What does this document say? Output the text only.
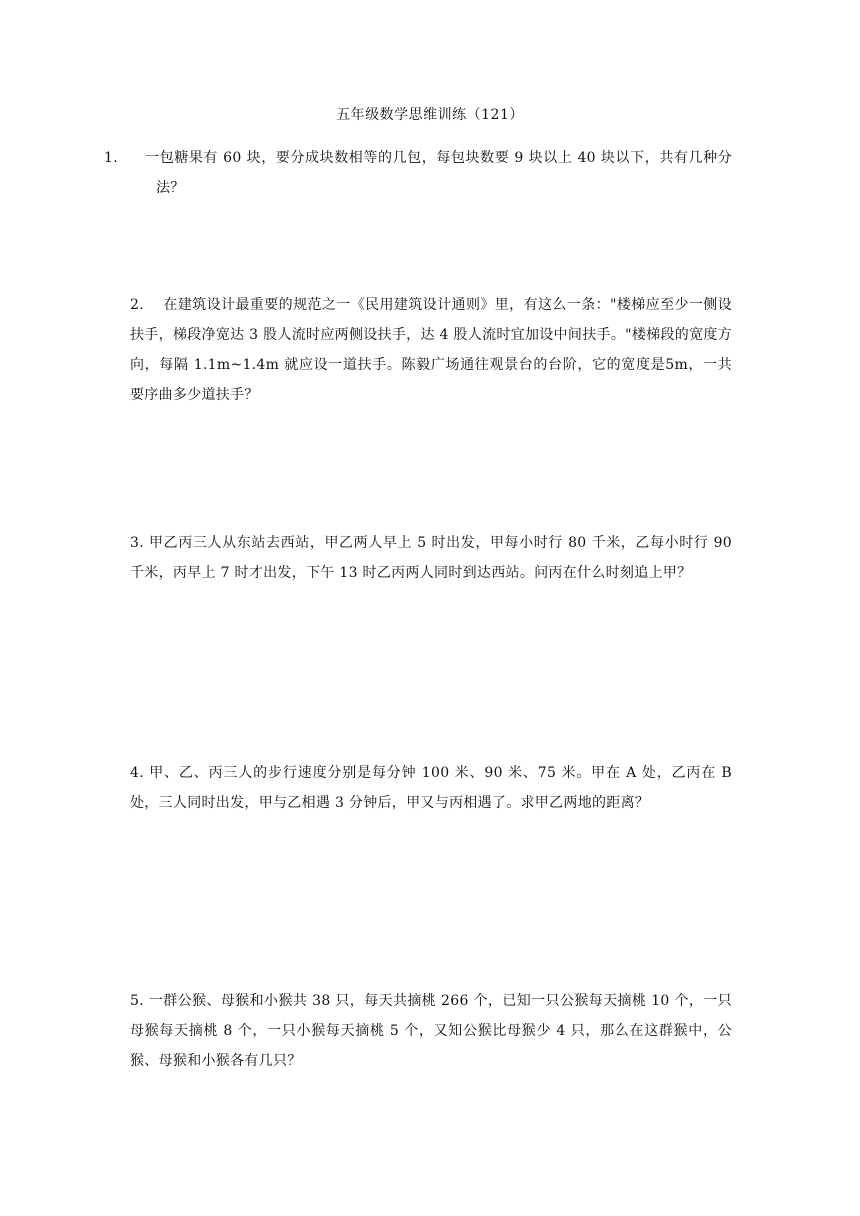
五年级数学思维训练（121）
1. 一包糖果有 60 块，要分成块数相等的几包，每包块数要 9 块以上 40 块以下，共有几种分法？
2. 在建筑设计最重要的规范之一《民用建筑设计通则》里，有这么一条："楼梯应至少一侧设扶手，梯段净宽达 3 股人流时应两侧设扶手，达 4 股人流时宜加设中间扶手。"楼梯段的宽度方向，每隔 1.1m~1.4m 就应设一道扶手。陈毅广场通往观景台的台阶，它的宽度是5m，一共要序曲多少道扶手？
3. 甲乙丙三人从东站去西站，甲乙两人早上 5 时出发，甲每小时行 80 千米，乙每小时行 90 千米，丙早上 7 时才出发，下午 13 时乙丙两人同时到达西站。问丙在什么时刻追上甲？
4. 甲、乙、丙三人的步行速度分别是每分钟 100 米、90 米、75 米。甲在 A 处，乙丙在 B 处，三人同时出发，甲与乙相遇 3 分钟后，甲又与丙相遇了。求甲乙两地的距离？
5. 一群公猴、母猴和小猴共 38 只，每天共摘桃 266 个，已知一只公猴每天摘桃 10 个，一只母猴每天摘桃 8 个，一只小猴每天摘桃 5 个，又知公猴比母猴少 4 只，那么在这群猴中，公猴、母猴和小猴各有几只？
